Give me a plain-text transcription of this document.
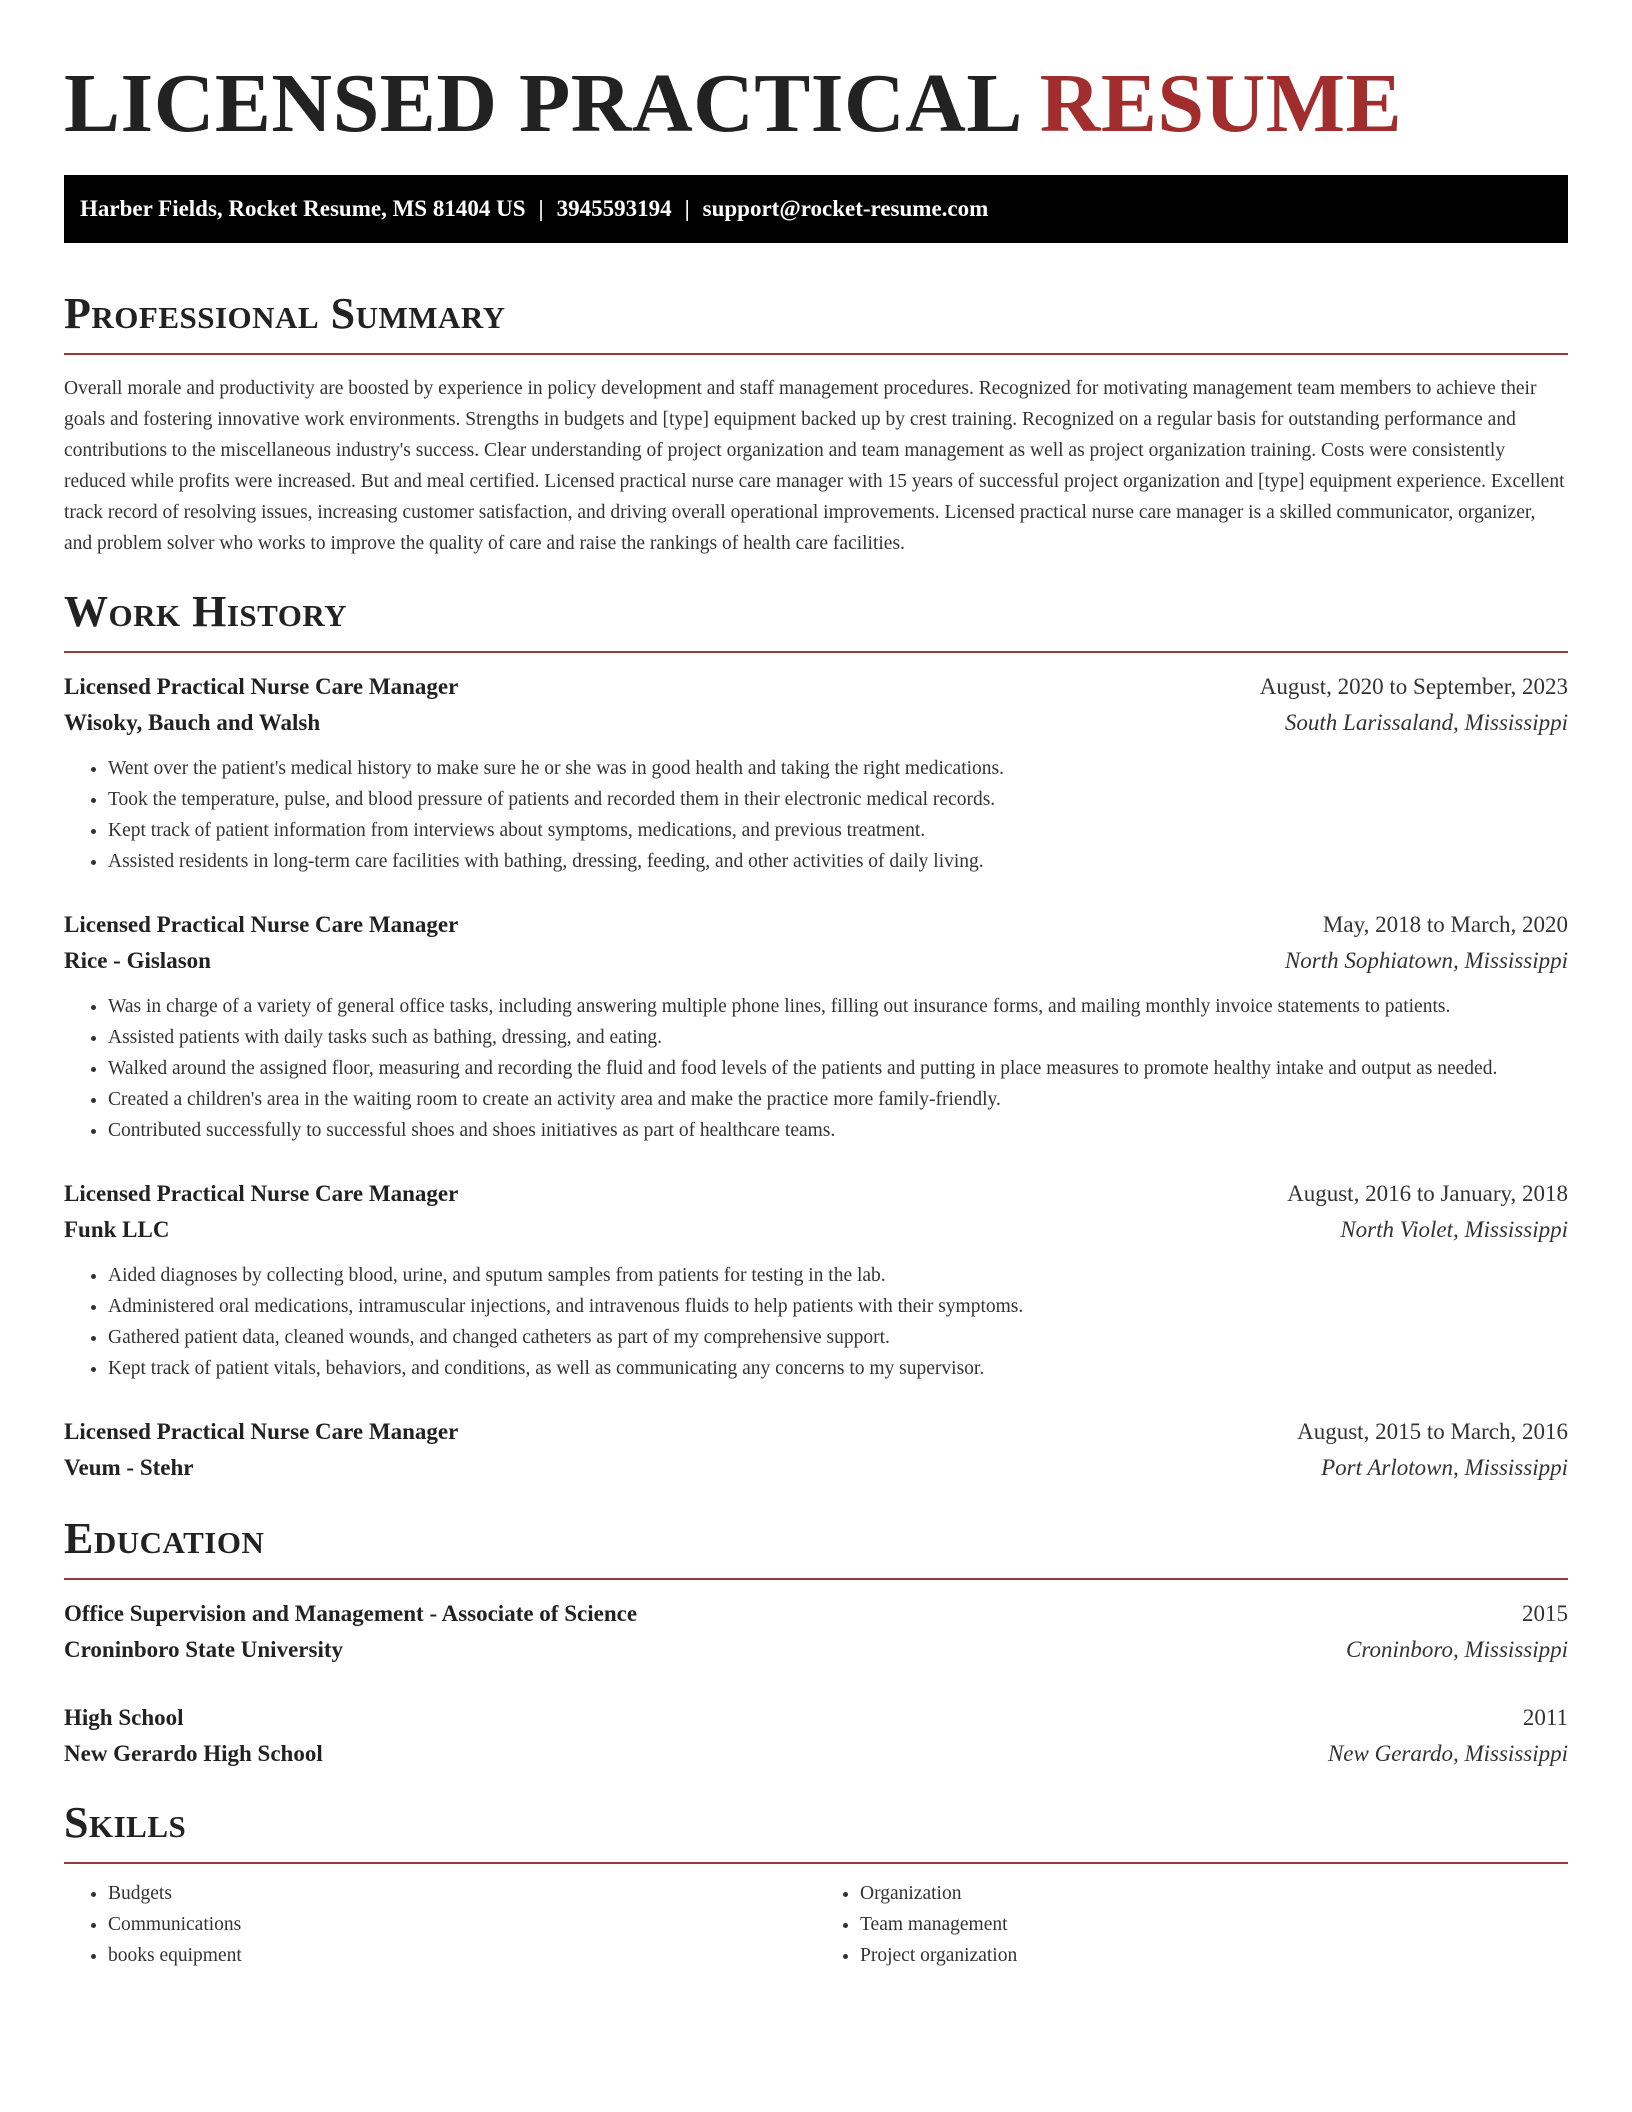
LICENSED PRACTICAL RESUME
Harber Fields, Rocket Resume, MS 81404 US | 3945593194 | support@rocket-resume.com
Professional Summary

Overall morale and productivity are boosted by experience in policy development and staff management procedures. Recognized for motivating management team members to achieve their goals and fostering innovative work environments. Strengths in budgets and [type] equipment backed up by crest training. Recognized on a regular basis for outstanding performance and contributions to the miscellaneous industry's success. Clear understanding of project organization and team management as well as project organization training. Costs were consistently reduced while profits were increased. But and meal certified. Licensed practical nurse care manager with 15 years of successful project organization and [type] equipment experience. Excellent track record of resolving issues, increasing customer satisfaction, and driving overall operational improvements. Licensed practical nurse care manager is a skilled communicator, organizer, and problem solver who works to improve the quality of care and raise the rankings of health care facilities.

Work History
Licensed Practical Nurse Care Manager	August, 2020 to September, 2023
Wisoky, Bauch and Walsh	South Larissaland, Mississippi
• Went over the patient's medical history to make sure he or she was in good health and taking the right medications.
• Took the temperature, pulse, and blood pressure of patients and recorded them in their electronic medical records.
• Kept track of patient information from interviews about symptoms, medications, and previous treatment.
• Assisted residents in long-term care facilities with bathing, dressing, feeding, and other activities of daily living.
Licensed Practical Nurse Care Manager	May, 2018 to March, 2020
Rice - Gislason	North Sophiatown, Mississippi
• Was in charge of a variety of general office tasks, including answering multiple phone lines, filling out insurance forms, and mailing monthly invoice statements to patients.
• Assisted patients with daily tasks such as bathing, dressing, and eating.
• Walked around the assigned floor, measuring and recording the fluid and food levels of the patients and putting in place measures to promote healthy intake and output as needed.
• Created a children's area in the waiting room to create an activity area and make the practice more family-friendly.
• Contributed successfully to successful shoes and shoes initiatives as part of healthcare teams.
Licensed Practical Nurse Care Manager	August, 2016 to January, 2018
Funk LLC	North Violet, Mississippi
• Aided diagnoses by collecting blood, urine, and sputum samples from patients for testing in the lab.
• Administered oral medications, intramuscular injections, and intravenous fluids to help patients with their symptoms.
• Gathered patient data, cleaned wounds, and changed catheters as part of my comprehensive support.
• Kept track of patient vitals, behaviors, and conditions, as well as communicating any concerns to my supervisor.
Licensed Practical Nurse Care Manager	August, 2015 to March, 2016
Veum - Stehr	Port Arlotown, Mississippi
Education
Office Supervision and Management - Associate of Science	2015
Croninboro State University	Croninboro, Mississippi
High School	2011
New Gerardo High School	New Gerardo, Mississippi
Skills
• Budgets
• Communications
• books equipment
• Organization
• Team management
• Project organization
